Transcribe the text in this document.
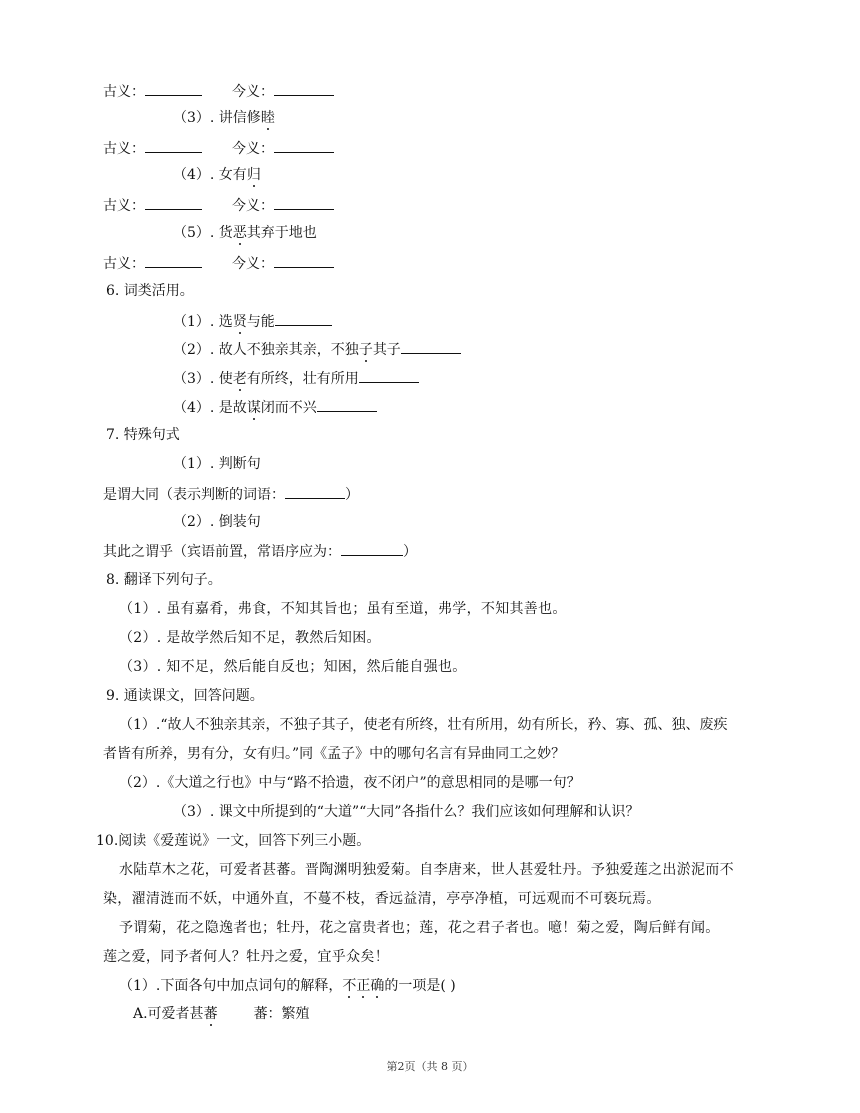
古义：	今义：
（3）. 讲信修睦
古义：	今义：
（4）. 女有归
古义：	今义：
（5）. 货恶其弃于地也
古义：	今义：
6. 词类活用。
（1）. 选贤与能
（2）. 故人不独亲其亲，不独子其子
（3）. 使老有所终，壮有所用
（4）. 是故谋闭而不兴
7. 特殊句式
（1）. 判断句
是谓大同（表示判断的词语：	）
（2）. 倒装句
其此之谓乎（宾语前置，常语序应为：	）
8. 翻译下列句子。
（1）. 虽有嘉肴，弗食，不知其旨也；虽有至道，弗学，不知其善也。
（2）. 是故学然后知不足，教然后知困。
（3）. 知不足，然后能自反也；知困，然后能自强也。
9. 通读课文，回答问题。
（1）.“故人不独亲其亲，不独子其子，使老有所终，壮有所用，幼有所长，矜、寡、孤、独、废疾
者皆有所养，男有分，女有归。”同《孟子》中的哪句名言有异曲同工之妙？
（2）.《大道之行也》中与“路不拾遗，夜不闭户”的意思相同的是哪一句？
（3）. 课文中所提到的“大道”“大同”各指什么？我们应该如何理解和认识？
10.阅读《爱莲说》一文，回答下列三小题。
水陆草木之花，可爱者甚蕃。晋陶渊明独爱菊。自李唐来，世人甚爱牡丹。予独爱莲之出淤泥而不
染，濯清涟而不妖，中通外直，不蔓不枝，香远益清，亭亭净植，可远观而不可亵玩焉。
予谓菊，花之隐逸者也；牡丹，花之富贵者也；莲，花之君子者也。噫！菊之爱，陶后鲜有闻。
莲之爱，同予者何人？牡丹之爱，宜乎众矣！
（1）.下面各句中加点词句的解释，不正确的一项是( )
A.可爱者甚蕃	蕃：繁殖
第2页（共 8 页）
